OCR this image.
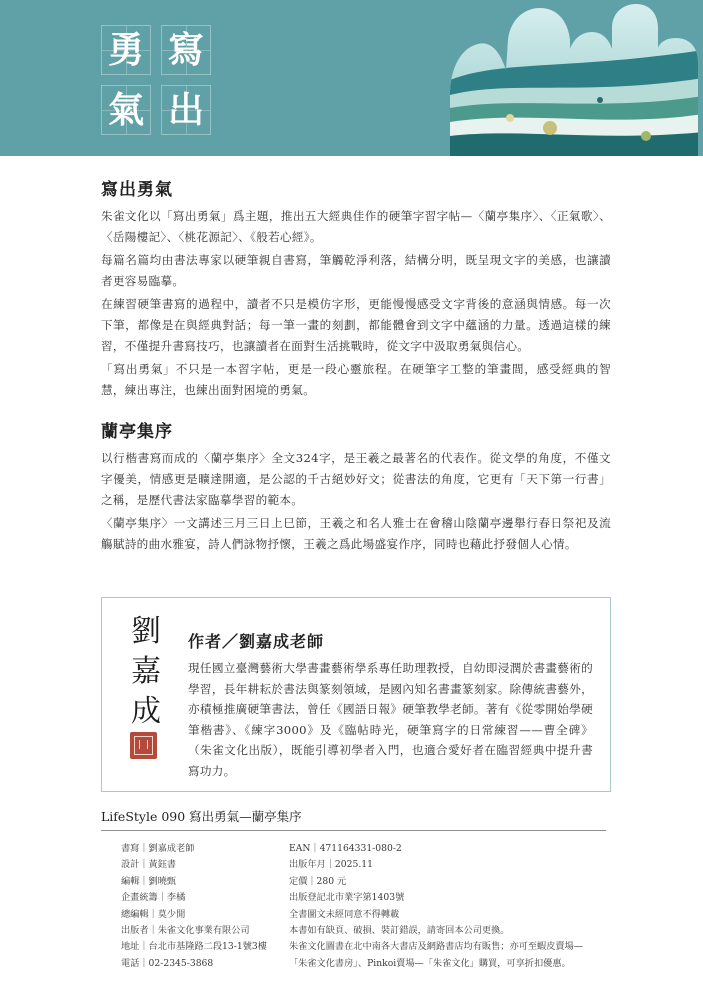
勇 寫
氣 出
寫出勇氣

朱雀文化以「寫出勇氣」爲主題，推出五大經典佳作的硬筆字習字帖—〈蘭亭集序〉、〈正氣歌〉、〈岳陽樓記〉、〈桃花源記〉、《般若心經》。

每篇名篇均由書法專家以硬筆親自書寫，筆觸乾淨利落，結構分明，既呈現文字的美感，也讓讀者更容易臨摹。

在練習硬筆書寫的過程中，讀者不只是模仿字形，更能慢慢感受文字背後的意涵與情感。每一次下筆，都像是在與經典對話；每一筆一畫的刻劃，都能體會到文字中蘊涵的力量。透過這樣的練習，不僅提升書寫技巧，也讓讀者在面對生活挑戰時，從文字中汲取勇氣與信心。

「寫出勇氣」不只是一本習字帖，更是一段心靈旅程。在硬筆字工整的筆畫間，感受經典的智慧，練出專注，也練出面對困境的勇氣。

蘭亭集序

以行楷書寫而成的〈蘭亭集序〉全文324字，是王羲之最著名的代表作。從文學的角度，不僅文字優美，情感更是曠達開適，是公認的千古絕妙好文；從書法的角度，它更有「天下第一行書」之稱，是歷代書法家臨摹學習的範本。

〈蘭亭集序〉一文講述三月三日上巳節，王羲之和名人雅士在會稽山陰蘭亭邊舉行春日祭祀及流觴賦詩的曲水雅宴，詩人們詠物抒懷，王羲之爲此場盛宴作序，同時也藉此抒發個人心情。

劉
嘉
成
作者／劉嘉成老師
現任國立臺灣藝術大學書畫藝術學系專任助理教授，自幼即浸潤於書畫藝術的學習，長年耕耘於書法與篆刻領域，是國內知名書畫篆刻家。除傳統書藝外，亦積極推廣硬筆書法，曾任《國語日報》硬筆教學老師。著有《從零開始學硬筆楷書》、《練字3000》及《臨帖時光，硬筆寫字的日常練習——曹全碑》（朱雀文化出版），既能引導初學者入門，也適合愛好者在臨習經典中提升書寫功力。
LifeStyle 090 寫出勇氣—蘭亭集序
書寫｜劉嘉成老師
設計｜黃鈺書
編輯｜劉曉甄
企畫統籌｜李橘
總編輯｜莫少閒
出版者｜朱雀文化事業有限公司
地址｜台北市基隆路二段13-1號3樓
電話｜02-2345-3868
EAN｜471164331-080-2
出版年月｜2025.11
定價｜280 元
出版登記北市業字第1403號
全書圖文未經同意不得轉載
本書如有缺頁、破損、裝訂錯誤，請寄回本公司更換。
朱雀文化圖書在北中南各大書店及網路書店均有販售；亦可至蝦皮賣場—
「朱雀文化書房」、Pinkoi賣場—「朱雀文化」購買，可享折扣優惠。
